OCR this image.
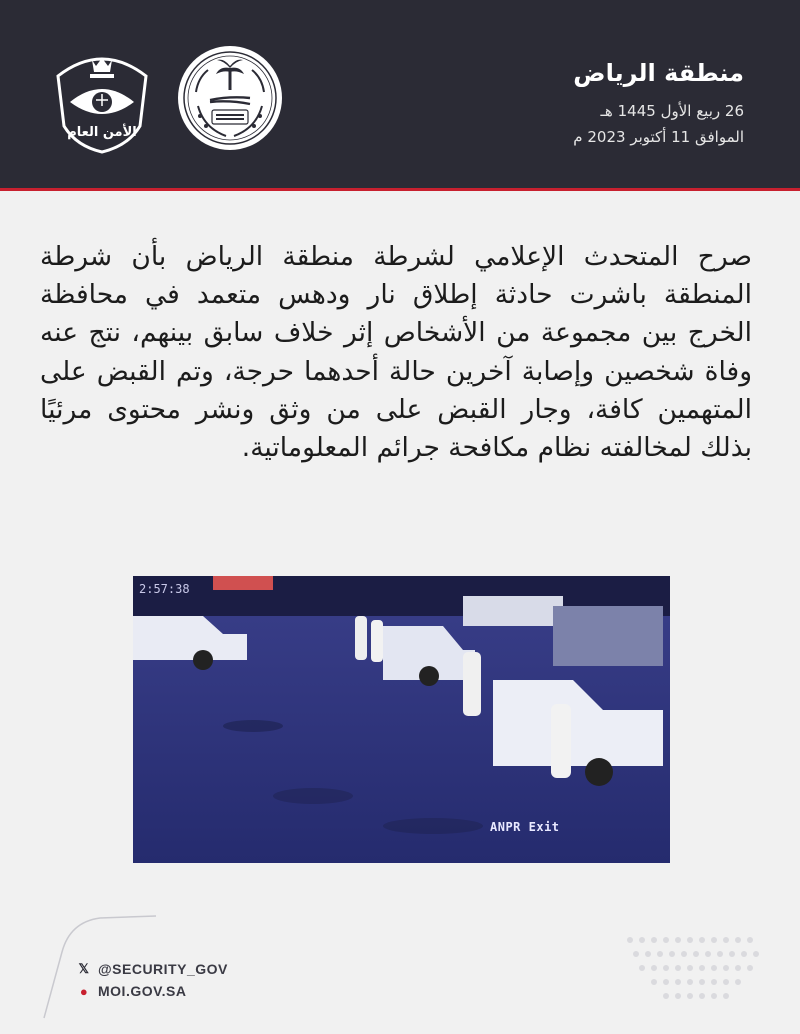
منطقة الرياض
26 ربيع الأول 1445 هـ
الموافق 11 أكتوبر 2023 م
الأمن العام

صرح المتحدث الإعلامي لشرطة منطقة الرياض بأن شرطة المنطقة باشرت حادثة إطلاق نار ودهس متعمد في محافظة الخرج بين مجموعة من الأشخاص إثر خلاف سابق بينهم، نتج عنه وفاة شخصين وإصابة آخرين حالة أحدهما حرجة، وتم القبض على المتهمين كافة، وجار القبض على من وثق ونشر محتوى مرئيًا بذلك لمخالفته نظام مكافحة جرائم المعلوماتية.

2:57:38
ANPR Exit
𝕏 @SECURITY_GOV
● MOI.GOV.SA
